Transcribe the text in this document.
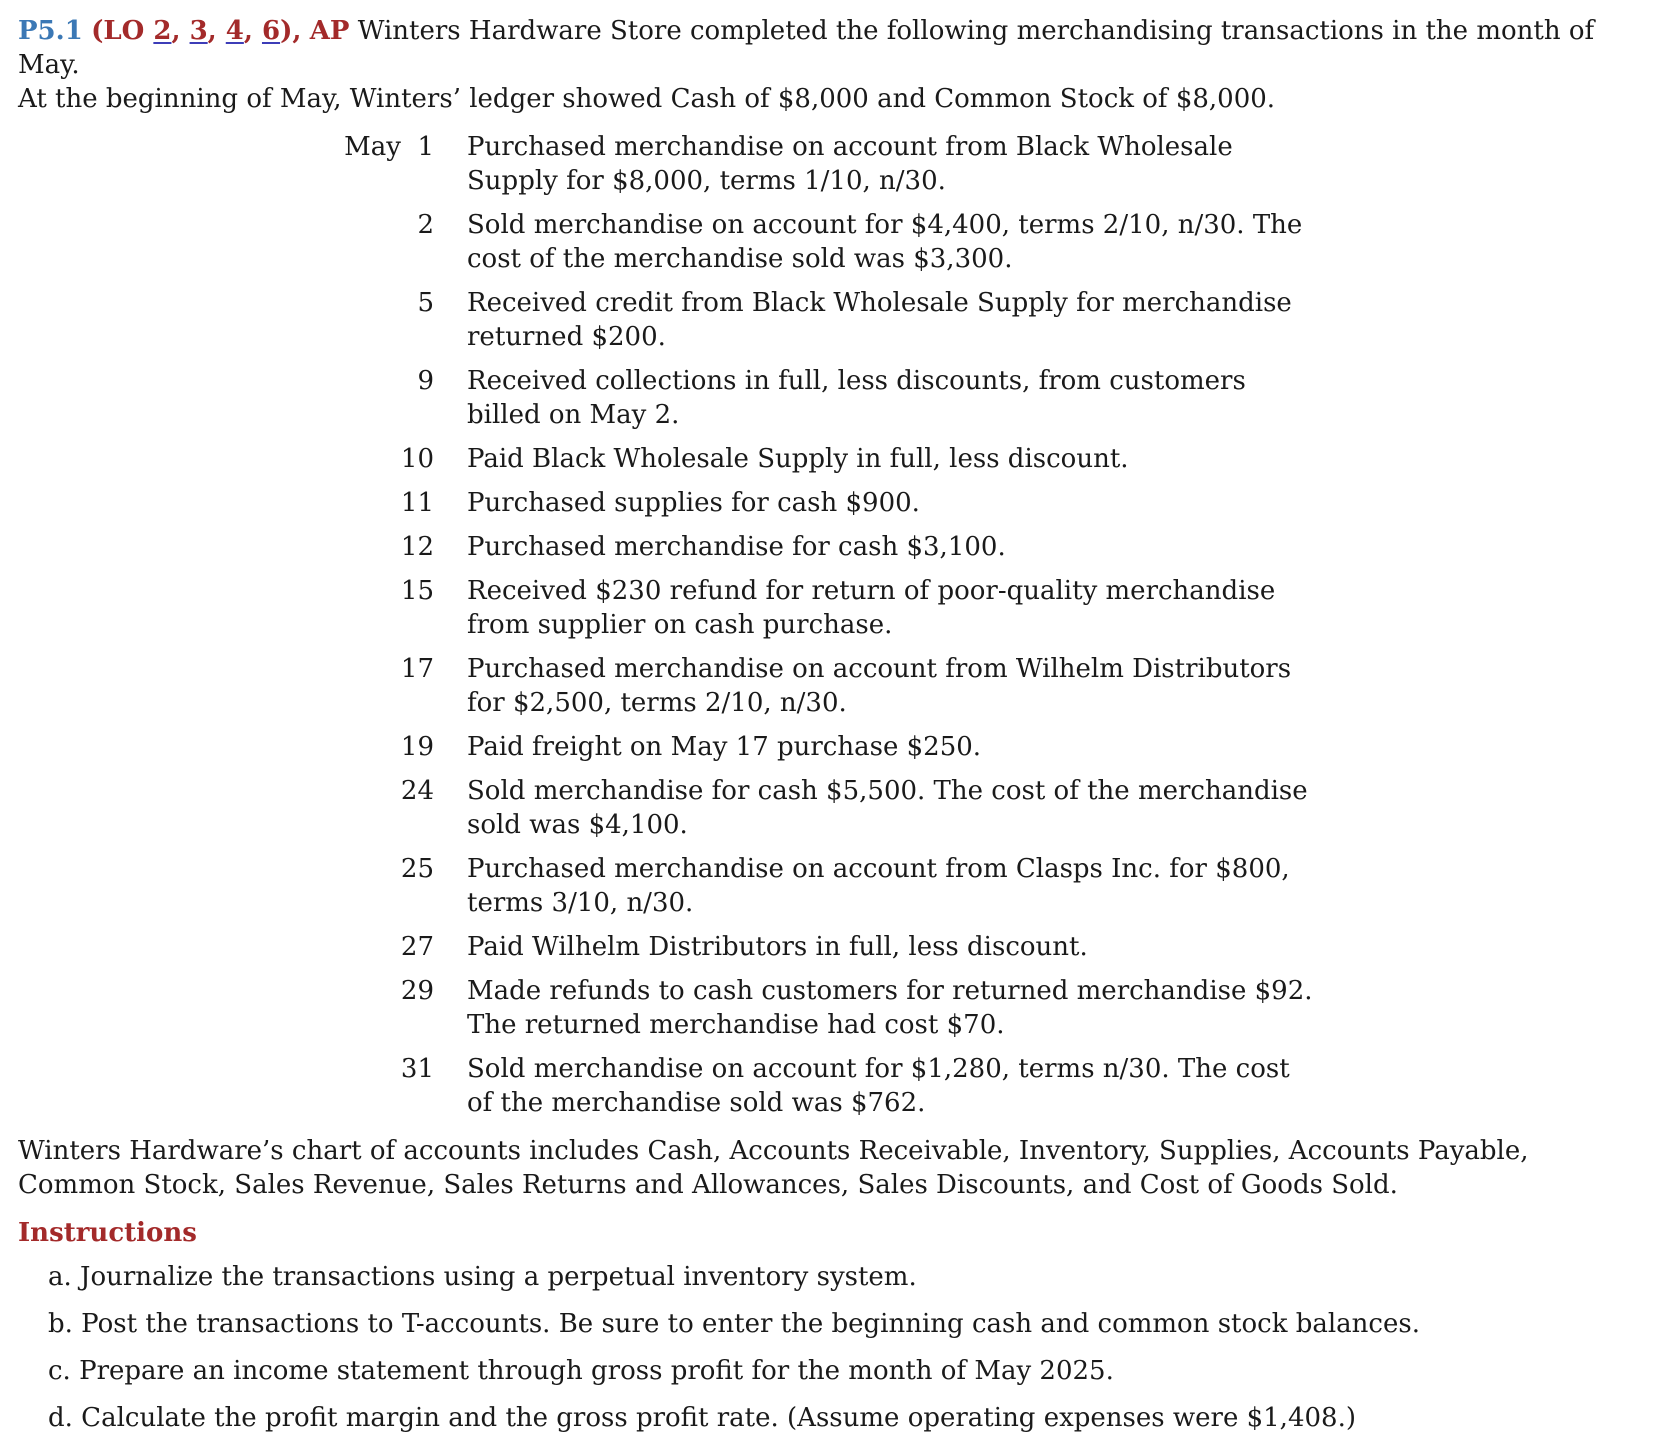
P5.1 (LO 2, 3, 4, 6), AP Winters Hardware Store completed the following merchandising transactions in the month of May.
At the beginning of May, Winters’ ledger showed Cash of $8,000 and Common Stock of $8,000.

May  1 Purchased merchandise on account from Black Wholesale Supply for $8,000, terms 1/10, n/30.
2 Sold merchandise on account for $4,400, terms 2/10, n/30. The cost of the merchandise sold was $3,300.
5 Received credit from Black Wholesale Supply for merchandise returned $200.
9 Received collections in full, less discounts, from customers billed on May 2.
10 Paid Black Wholesale Supply in full, less discount.
11 Purchased supplies for cash $900.
12 Purchased merchandise for cash $3,100.
15 Received $230 refund for return of poor-quality merchandise from supplier on cash purchase.
17 Purchased merchandise on account from Wilhelm Distributors for $2,500, terms 2/10, n/30.
19 Paid freight on May 17 purchase $250.
24 Sold merchandise for cash $5,500. The cost of the merchandise sold was $4,100.
25 Purchased merchandise on account from Clasps Inc. for $800, terms 3/10, n/30.
27 Paid Wilhelm Distributors in full, less discount.
29 Made refunds to cash customers for returned merchandise $92. The returned merchandise had cost $70.
31 Sold merchandise on account for $1,280, terms n/30. The cost of the merchandise sold was $762.

Winters Hardware’s chart of accounts includes Cash, Accounts Receivable, Inventory, Supplies, Accounts Payable, Common Stock, Sales Revenue, Sales Returns and Allowances, Sales Discounts, and Cost of Goods Sold.

Instructions
a. Journalize the transactions using a perpetual inventory system.
b. Post the transactions to T-accounts. Be sure to enter the beginning cash and common stock balances.
c. Prepare an income statement through gross profit for the month of May 2025.
d. Calculate the profit margin and the gross profit rate. (Assume operating expenses were $1,408.)
